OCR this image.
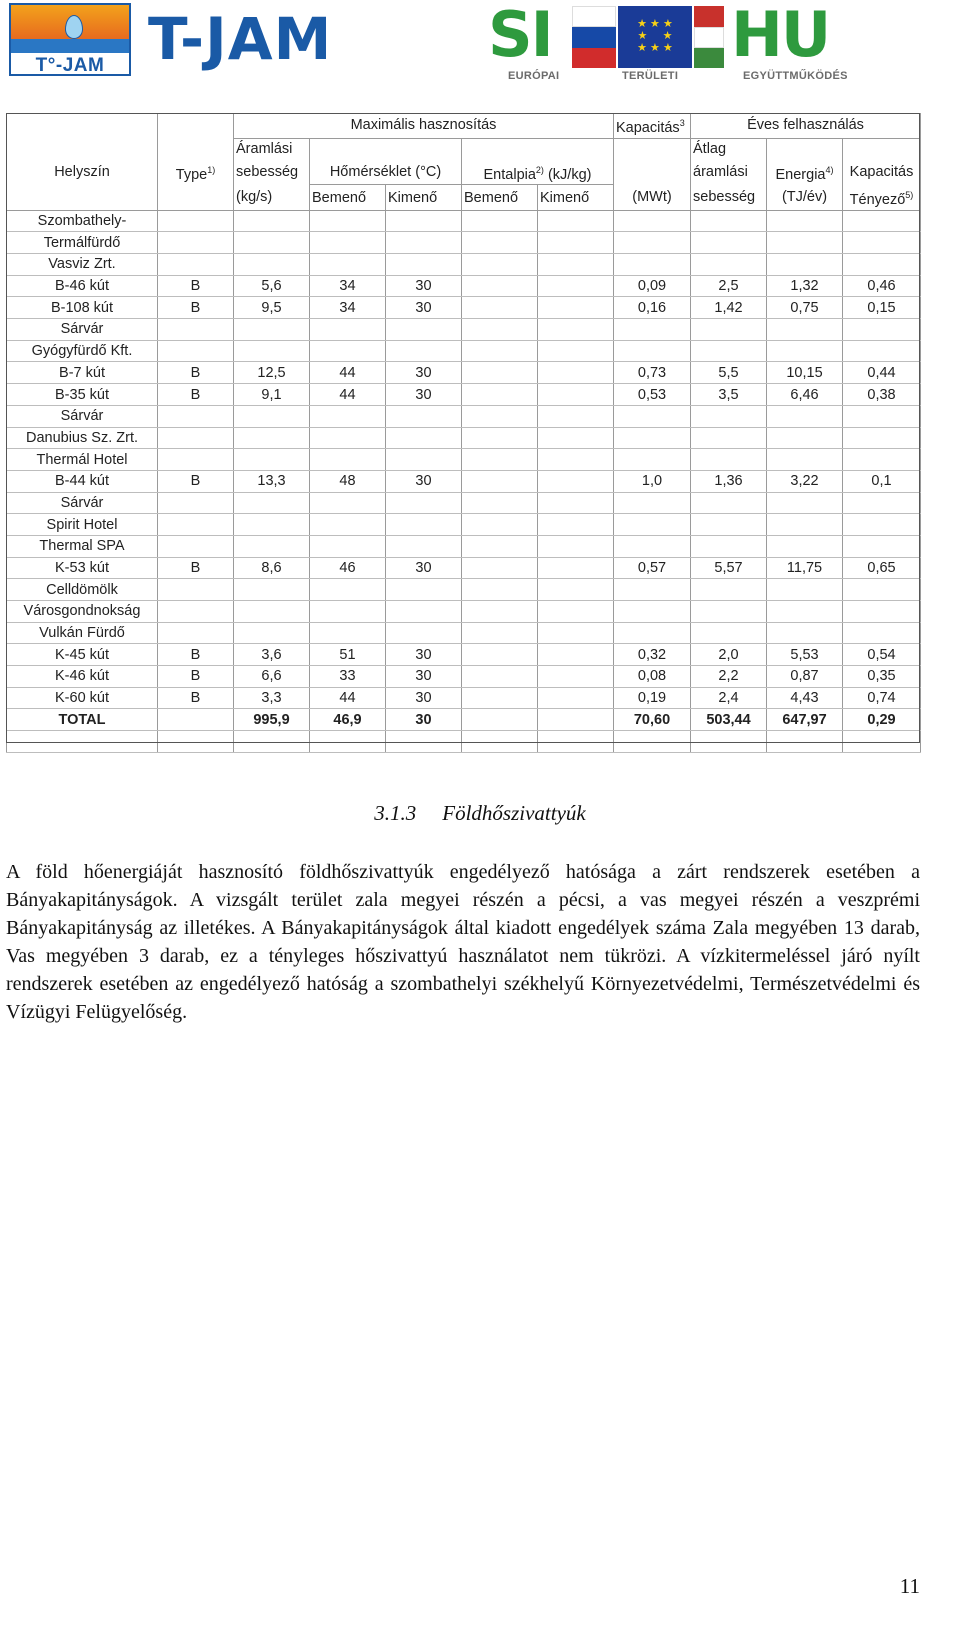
T°-JAM T-JAM	SI	★ ★ ★
★     ★
★ ★ ★ HU
EURÓPAI	TERÜLETI	EGYÜTTMŰKÖDÉS
		Maximális hasznosítás					Kapacitás$^3$	Éves felhasználás		
		Áramlási						Átlag		
Helyszín	Type$^{1)}$	sebesség	Hőmérséklet (°C)		Entalpia$^{2)}$ (kJ/kg)			áramlási	Energia$^{4)}$	Kapacitás
		(kg/s)	Bemenő	Kimenő	Bemenő	Kimenő	(MWt)	sebesség	(TJ/év)	Tényező$^{5)}$
Szombathely-										
Termálfürdő										
Vasviz Zrt.										
B-46 kút	B	5,6	34	30			0,09	2,5	1,32	0,46
B-108 kút	B	9,5	34	30			0,16	1,42	0,75	0,15
Sárvár										
Gyógyfürdő Kft.										
B-7 kút	B	12,5	44	30			0,73	5,5	10,15	0,44
B-35 kút	B	9,1	44	30			0,53	3,5	6,46	0,38
Sárvár										
Danubius Sz. Zrt.										
Thermál Hotel										
B-44 kút	B	13,3	48	30			1,0	1,36	3,22	0,1
Sárvár										
Spirit Hotel										
Thermal SPA										
K-53 kút	B	8,6	46	30			0,57	5,57	11,75	0,65
Celldömölk										
Városgondnokság										
Vulkán Fürdő										
K-45 kút	B	3,6	51	30			0,32	2,0	5,53	0,54
K-46 kút	B	6,6	33	30			0,08	2,2	0,87	0,35
K-60 kút	B	3,3	44	30			0,19	2,4	4,43	0,74
TOTAL		995,9	46,9	30			70,60	503,44	647,97	0,29

3.1.3 Földhőszivattyúk
A föld hőenergiáját hasznosító földhőszivattyúk engedélyező hatósága a zárt rendszerek esetében a Bányakapitányságok. A vizsgált terület zala megyei részén a pécsi, a vas megyei részén a veszprémi Bányakapitányság az illetékes. A Bányakapitányságok által kiadott engedélyek száma Zala megyében 13 darab, Vas megyében 3 darab, ez a tényleges hőszivattyú használatot nem tükrözi. A vízkitermeléssel járó nyílt rendszerek esetében az engedélyező hatóság a szombathelyi székhelyű Környezetvédelmi, Természetvédelmi és Vízügyi Felügyelőség.
11
